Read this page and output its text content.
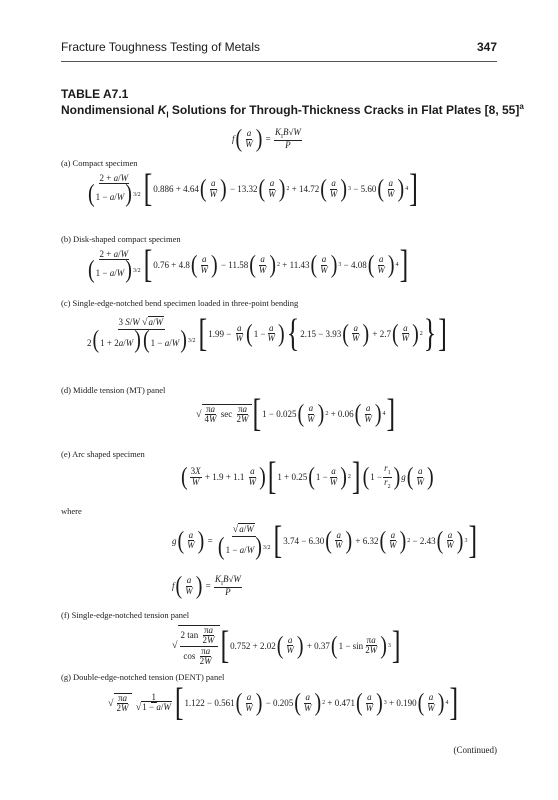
Fracture Toughness Testing of Metals	347
TABLE A7.1
Nondimensional $K_I$ Solutions for Through-Thickness Cracks in Flat Plates [8, 55]$^a$
f ( $\frac{a}{W}$ ) = $\frac{K_IB√W}{P}$
(a) Compact specimen
$\frac{2 + a/W}{(1 - a/W)^{3/2}}$ [ 0.886 + 4.64 ( $\frac{a}{W}$ ) − 13.32 ( $\frac{a}{W}$ ) 2 + 14.72 ( $\frac{a}{W}$ ) 3 − 5.60 ( $\frac{a}{W}$ ) 4 ]
(b) Disk-shaped compact specimen
$\frac{2 + a/W}{(1 - a/W)^{3/2}}$ [ 0.76 + 4.8 ( $\frac{a}{W}$ ) − 11.58 ( $\frac{a}{W}$ ) 2 + 11.43 ( $\frac{a}{W}$ ) 3 − 4.08 ( $\frac{a}{W}$ ) 4 ]
(c) Single-edge-notched bend specimen loaded in three-point bending
$\frac{3 S/W √a/W}{2(1 + 2a/W) (1 - a/W)^{3/2}}$ [ $1.99 - \frac{a}{W}$ ( $1 - \frac{a}{W}$ ) { 2.15 − 3.93 ( $\frac{a}{W}$ ) + 2.7 ( $\frac{a}{W}$ ) 2 } ]
(d) Middle tension (MT) panel
√ $\frac{\pi a}{4W}$ $\sec \frac{\pi a}{2W}$ [ 1 − 0.025 ( $\frac{a}{W}$ ) 2 + 0.06 ( $\frac{a}{W}$ ) 4 ]
(e) Arc shaped specimen
( $\frac{3X}{W} + 1.9 + 1.1$
$\frac{a}{W}$ ) [ 1 + 0.25 ( $1 - \frac{a}{W}$ ) 2 ] ( $1 - \frac{r_1}{r_2}$ ) g ( $\frac{a}{W}$ )
where
g ( $\frac{a}{W}$ ) = $\frac{√a/W}{(1 - a/W)^{3/2}}$ [ 3.74 − 6.30 ( $\frac{a}{W}$ ) + 6.32 ( $\frac{a}{W}$ ) 2 − 2.43 ( $\frac{a}{W}$ ) 3 ]
f ( $\frac{a}{W}$ ) = $\frac{K_IB√W}{P}$
(f) Single-edge-notched tension panel
√ $\frac{2 \tan \frac{\pi a}{2W}}{\cos \frac{\pi a}{2W}}$ [ 0.752 + 2.02 ( $\frac{a}{W}$ ) + 0.37 ( $1 - \sin \frac{\pi a}{2W}$ ) 3 ]
(g) Double-edge-notched tension (DENT) panel
√ $\frac{\pi a}{2W}$
$\frac{1}{√1 - a/W}$ [ 1.122 − 0.561 ( $\frac{a}{W}$ ) − 0.205 ( $\frac{a}{W}$ ) 2 + 0.471 ( $\frac{a}{W}$ ) 3 + 0.190 ( $\frac{a}{W}$ ) 4 ]
(Continued)
